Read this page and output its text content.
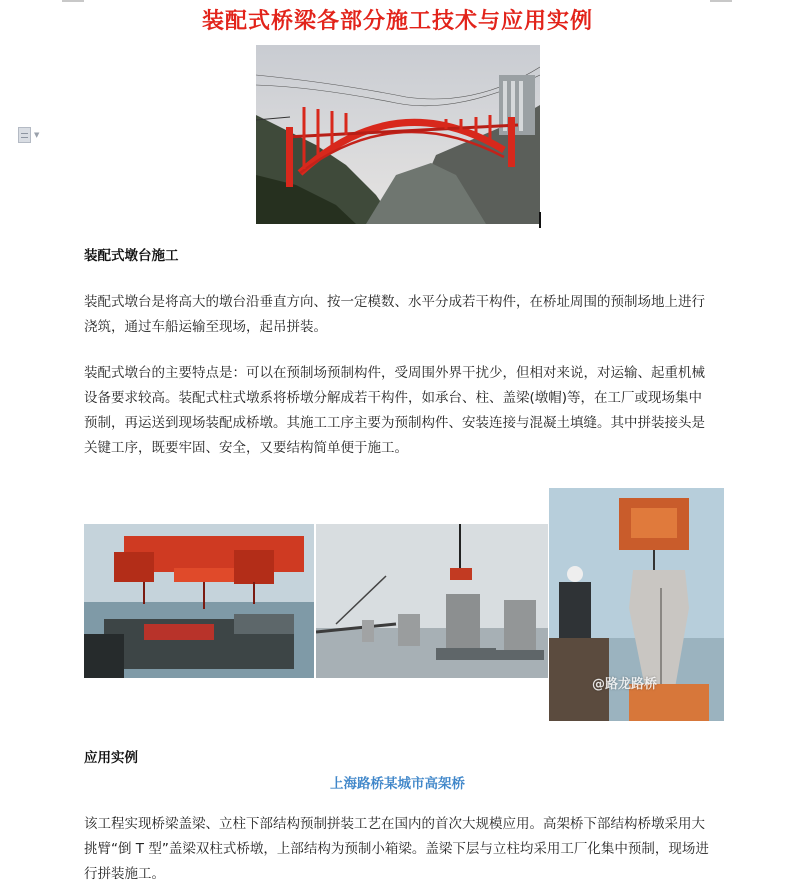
▼
装配式桥梁各部分施工技术与应用实例
装配式墩台施工

装配式墩台是将高大的墩台沿垂直方向、按一定模数、水平分成若干构件，在桥址周围的预制场地上进行浇筑，通过车船运输至现场，起吊拼装。

装配式墩台的主要特点是：可以在预制场预制构件，受周围外界干扰少，但相对来说，对运输、起重机械设备要求较高。装配式柱式墩系将桥墩分解成若干构件，如承台、柱、盖梁(墩帽)等，在工厂或现场集中预制，再运送到现场装配成桥墩。其施工工序主要为预制构件、安装连接与混凝土填缝。其中拼装接头是关键工序，既要牢固、安全，又要结构简单便于施工。

@路龙路桥
应用实例
上海路桥某城市高架桥

该工程实现桥梁盖梁、立柱下部结构预制拼装工艺在国内的首次大规模应用。高架桥下部结构桥墩采用大挑臂“倒 T 型”盖梁双柱式桥墩，上部结构为预制小箱梁。盖梁下层与立柱均采用工厂化集中预制，现场进行拼装施工。
